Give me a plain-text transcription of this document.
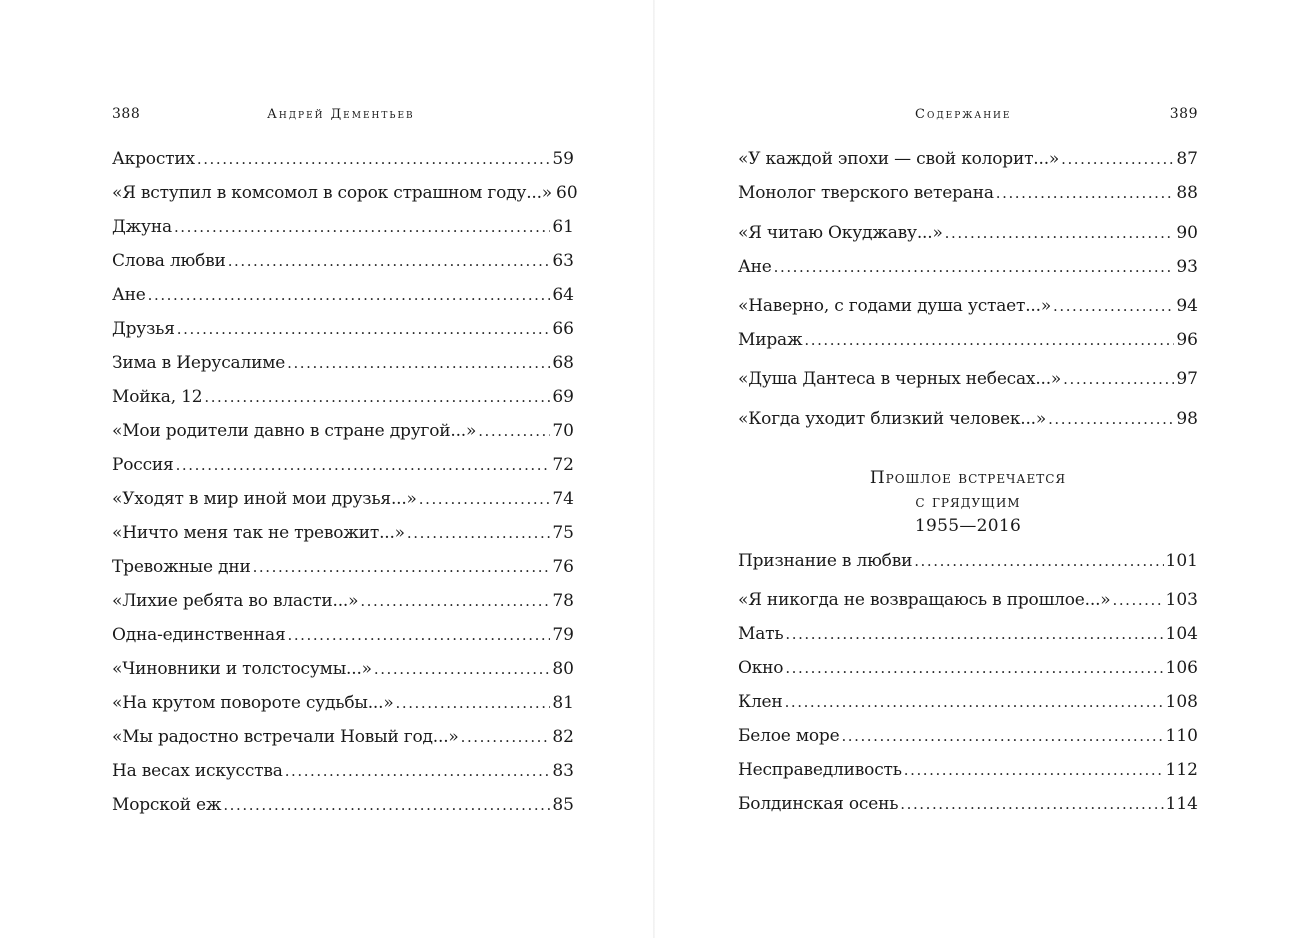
388	Андрей Дементьев
Акростих . . .	59
«Я вступил в комсомол в сорок страшном году...» 60
Джуна . . .	61
Слова любви . . .	63
Ане . . .	64
Друзья . . .	66
Зима в Иерусалиме . . .	68
Мойка, 12 . . .	69
«Мои родители давно в стране другой...» . . .	70
Россия . . .	72
«Уходят в мир иной мои друзья...» . . .	74
«Ничто меня так не тревожит...» . . .	75
Тревожные дни . . .	76
«Лихие ребята во власти...» . . .	78
Одна-единственная . . .	79
«Чиновники и толстосумы...» . . .	80
«На крутом повороте судьбы...» . . .	81
«Мы радостно встречали Новый год...» . . .	82
На весах искусства . . .	83
Морской еж . . .	85
Содержание	389
«У каждой эпохи — свой колорит...» . . .	87
Монолог тверского ветерана . . .	88
«Я читаю Окуджаву...» . . .	90
Ане . . .	93
«Наверно, с годами душа устает...» . . .	94
Мираж . . .	96
«Душа Дантеса в черных небесах...» . . .	97
«Когда уходит близкий человек...» . . .	98
Прошлое встречается
с грядущим
1955—2016
Признание в любви . . .	101
«Я никогда не возвращаюсь в прошлое...» . . .	103
Мать . . .	104
Окно . . .	106
Клен . . .	108
Белое море . . .	110
Несправедливость . . .	112
Болдинская осень . . .	114
